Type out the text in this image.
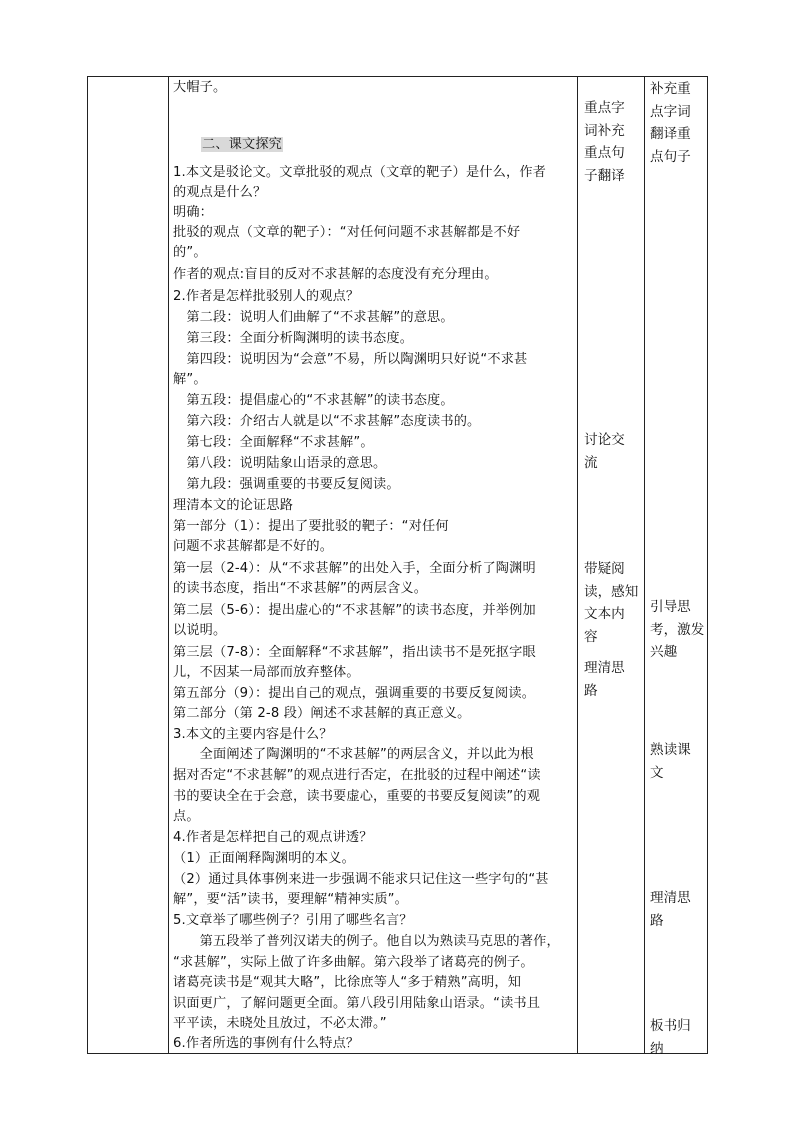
大帽子。
二、课文探究
1.本文是驳论文。文章批驳的观点（文章的靶子）是什么，作者
的观点是什么？
明确：
批驳的观点（文章的靶子）：“对任何问题不求甚解都是不好
的”。
作者的观点:盲目的反对不求甚解的态度没有充分理由。
2.作者是怎样批驳别人的观点？
　第二段：说明人们曲解了“不求甚解”的意思。
　第三段：全面分析陶渊明的读书态度。
　第四段：说明因为“会意”不易，所以陶渊明只好说“不求甚
解”。
　第五段：提倡虚心的“不求甚解”的读书态度。
　第六段：介绍古人就是以“不求甚解”态度读书的。
　第七段：全面解释“不求甚解”。
　第八段：说明陆象山语录的意思。
　第九段：强调重要的书要反复阅读。
理清本文的论证思路
第一部分（1）：提出了要批驳的靶子：“对任何
问题不求甚解都是不好的。
第一层（2-4）：从“不求甚解”的出处入手，全面分析了陶渊明
的读书态度，指出“不求甚解”的两层含义。
第二层（5-6）：提出虚心的“不求甚解”的读书态度，并举例加
以说明。
第三层（7-8）：全面解释“不求甚解”，指出读书不是死抠字眼
儿，不因某一局部而放弃整体。
第五部分（9）：提出自己的观点，强调重要的书要反复阅读。
第二部分（第 2-8 段）阐述不求甚解的真正意义。
3.本文的主要内容是什么？
　　全面阐述了陶渊明的“不求甚解”的两层含义，并以此为根
据对否定“不求甚解”的观点进行否定，在批驳的过程中阐述“读
书的要诀全在于会意，读书要虚心，重要的书要反复阅读”的观
点。
4.作者是怎样把自己的观点讲透？
（1）正面阐释陶渊明的本义。
（2）通过具体事例来进一步强调不能求只记住这一些字句的“甚
解”，要“活”读书，要理解“精神实质”。
5.文章举了哪些例子？引用了哪些名言？
　　第五段举了普列汉诺夫的例子。他自以为熟读马克思的著作，
“求甚解”，实际上做了许多曲解。第六段举了诸葛亮的例子。
诸葛亮读书是“观其大略”，比徐庶等人“多于精熟”高明，知
识面更广，了解问题更全面。第八段引用陆象山语录。“读书且
平平读，未晓处且放过，不必太滞。”
6.作者所选的事例有什么特点？
重点字
词补充
重点句
子翻译
讨论交
流
带疑阅
读，感知
文本内
容
理清思
路
补充重
点字词
翻译重
点句子
引导思
考，激发
兴趣
熟读课
文
理清思
路
板书归
纳
